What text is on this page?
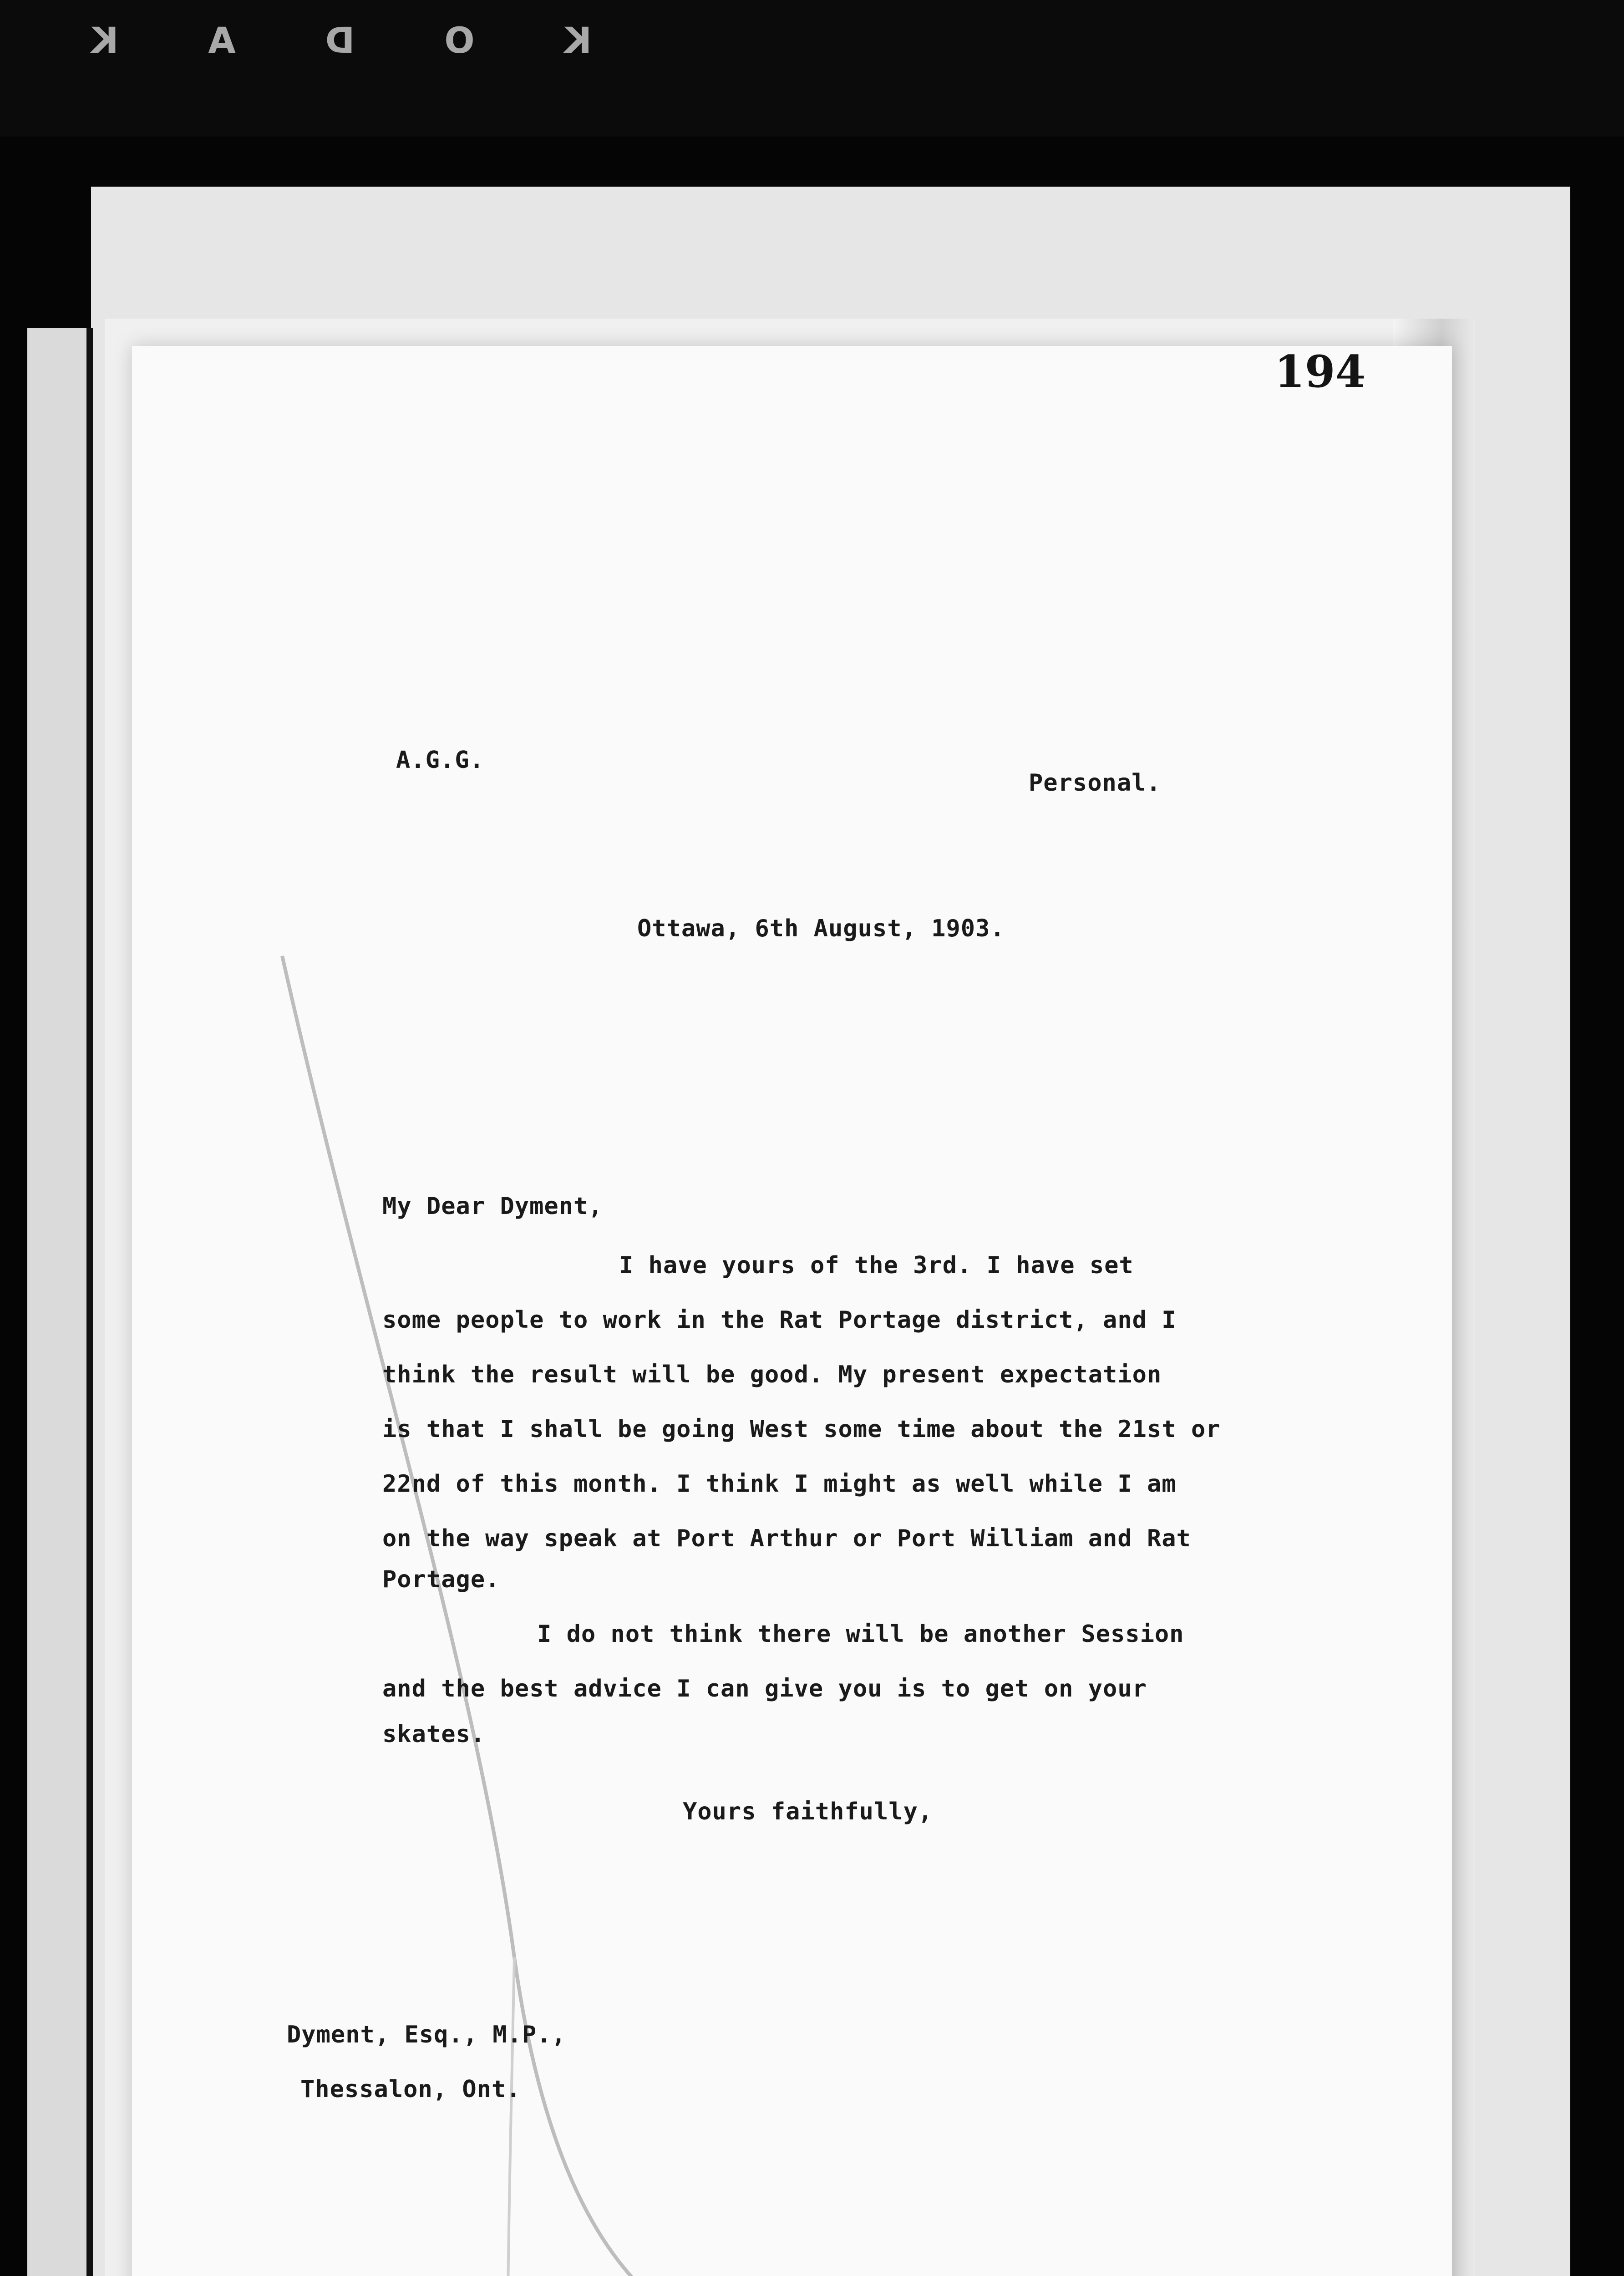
K
O
D
A
K
194
A.G.G.
Personal.
Ottawa, 6th August, 1903.
My Dear Dyment,
I have yours of the 3rd. I have set
some people to work in the Rat Portage district, and I
think the result will be good. My present expectation
is that I shall be going West some time about the 21st or
22nd of this month. I think I might as well while I am
on the way speak at Port Arthur or Port William and Rat
Portage.
I do not think there will be another Session
and the best advice I can give you is to get on your
skates.
Yours faithfully,
Dyment, Esq., M.P.,
Thessalon, Ont.
